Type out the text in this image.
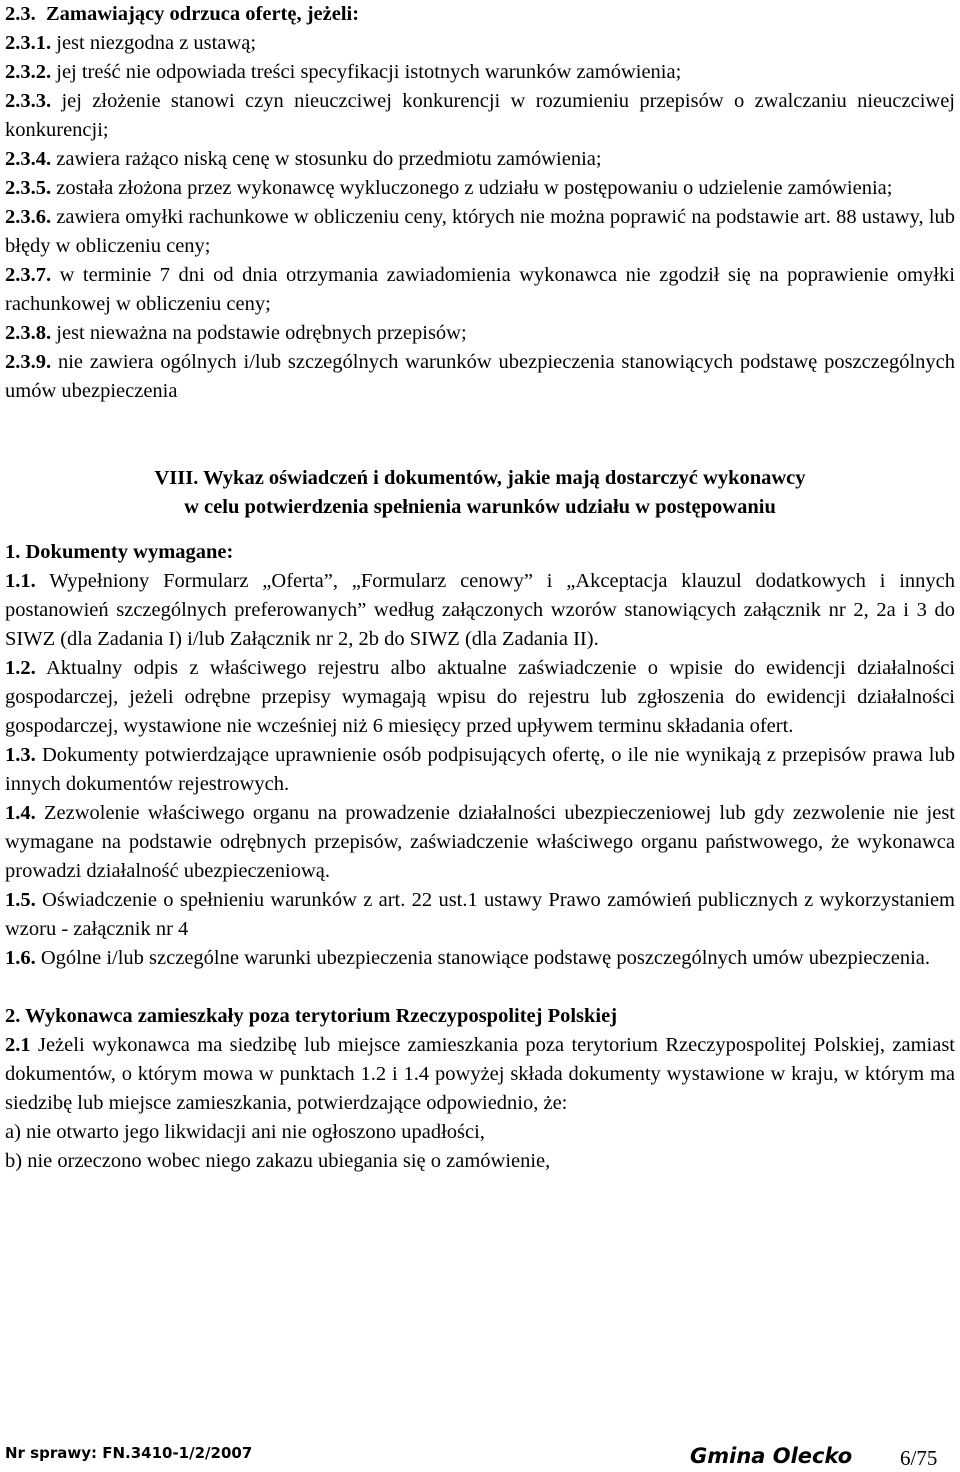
2.3. Zamawiający odrzuca ofertę, jeżeli:

2.3.1. jest niezgodna z ustawą;

2.3.2. jej treść nie odpowiada treści specyfikacji istotnych warunków zamówienia;

2.3.3. jej złożenie stanowi czyn nieuczciwej konkurencji w rozumieniu przepisów o zwalczaniu nieuczciwej konkurencji;

2.3.4. zawiera rażąco niską cenę w stosunku do przedmiotu zamówienia;

2.3.5. została złożona przez wykonawcę wykluczonego z udziału w postępowaniu o udzielenie zamówienia;

2.3.6. zawiera omyłki rachunkowe w obliczeniu ceny, których nie można poprawić na podstawie art. 88 ustawy, lub błędy w obliczeniu ceny;

2.3.7. w terminie 7 dni od dnia otrzymania zawiadomienia wykonawca nie zgodził się na poprawienie omyłki rachunkowej w obliczeniu ceny;

2.3.8. jest nieważna na podstawie odrębnych przepisów;

2.3.9. nie zawiera ogólnych i/lub szczególnych warunków ubezpieczenia stanowiących podstawę poszczególnych umów ubezpieczenia

VIII. Wykaz oświadczeń i dokumentów, jakie mają dostarczyć wykonawcy

w celu potwierdzenia spełnienia warunków udziału w postępowaniu

1. Dokumenty wymagane:

1.1. Wypełniony Formularz „Oferta”, „Formularz cenowy” i „Akceptacja klauzul dodatkowych i innych postanowień szczególnych preferowanych” według załączonych wzorów stanowiących załącznik nr 2, 2a i 3 do SIWZ (dla Zadania I) i/lub Załącznik nr 2, 2b do SIWZ (dla Zadania II).

1.2. Aktualny odpis z właściwego rejestru albo aktualne zaświadczenie o wpisie do ewidencji działalności gospodarczej, jeżeli odrębne przepisy wymagają wpisu do rejestru lub zgłoszenia do ewidencji działalności gospodarczej, wystawione nie wcześniej niż 6 miesięcy przed upływem terminu składania ofert.

1.3. Dokumenty potwierdzające uprawnienie osób podpisujących ofertę, o ile nie wynikają z przepisów prawa lub innych dokumentów rejestrowych.

1.4. Zezwolenie właściwego organu na prowadzenie działalności ubezpieczeniowej lub gdy zezwolenie nie jest wymagane na podstawie odrębnych przepisów, zaświadczenie właściwego organu państwowego, że wykonawca prowadzi działalność ubezpieczeniową.

1.5. Oświadczenie o spełnieniu warunków z art. 22 ust.1 ustawy Prawo zamówień publicznych z wykorzystaniem wzoru - załącznik nr 4

1.6. Ogólne i/lub szczególne warunki ubezpieczenia stanowiące podstawę poszczególnych umów ubezpieczenia.

2. Wykonawca zamieszkały poza terytorium Rzeczypospolitej Polskiej

2.1 Jeżeli wykonawca ma siedzibę lub miejsce zamieszkania poza terytorium Rzeczypospolitej Polskiej, zamiast dokumentów, o którym mowa w punktach 1.2 i 1.4 powyżej składa dokumenty wystawione w kraju, w którym ma siedzibę lub miejsce zamieszkania, potwierdzające odpowiednio, że:

a) nie otwarto jego likwidacji ani nie ogłoszono upadłości,

b) nie orzeczono wobec niego zakazu ubiegania się o zamówienie,

Nr sprawy: FN.3410-1/2/2007	Gmina Olecko 6/75
